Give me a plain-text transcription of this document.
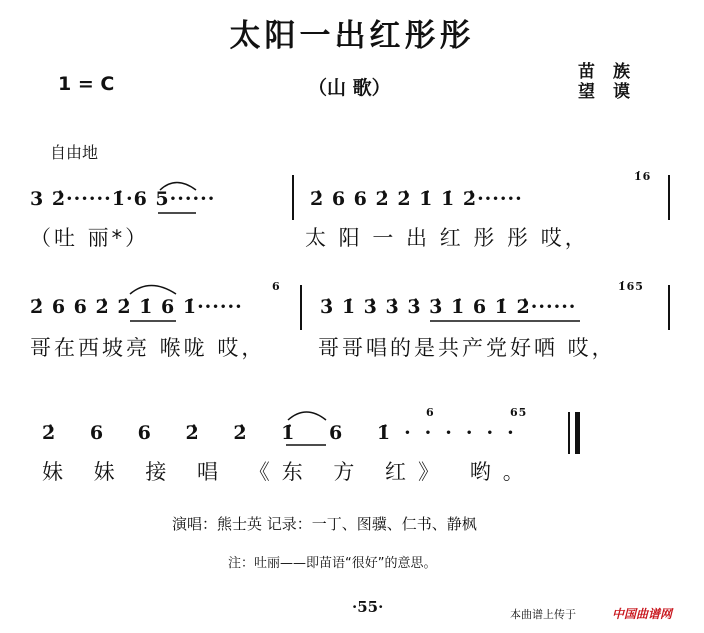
太阳一出红彤彤
1 = C	（山 歌）
苗族
望谟
自由地
3 2̇······1̇·6 5······
（吐 丽*）
2̇ 6 6 2̇ 2̇ 1̇ 1̇ 2̇······
1̇6
太 阳 一 出 红 彤 彤 哎，
2̇ 6 6 2̇ 2̇ 1̇ 6 1̇······
6
哥在西坡亮 喉咙 哎，
3̇ 1̇ 3̇ 3̇ 3̇ 3̇ 1̇ 6 1̇ 2̇······
1̇65
哥哥唱的是共产党好哂 哎，
2̇ 6 6 2̇ 2̇ 1̇ 6 1̇······
6	65
妹 妹 接 唱 《东 方 红》 哟。
演唱：熊士英 记录：一丁、图骥、仁书、静枫
注：吐丽——即苗语“很好”的意思。
·55·	本曲谱上传于	中国曲谱网
